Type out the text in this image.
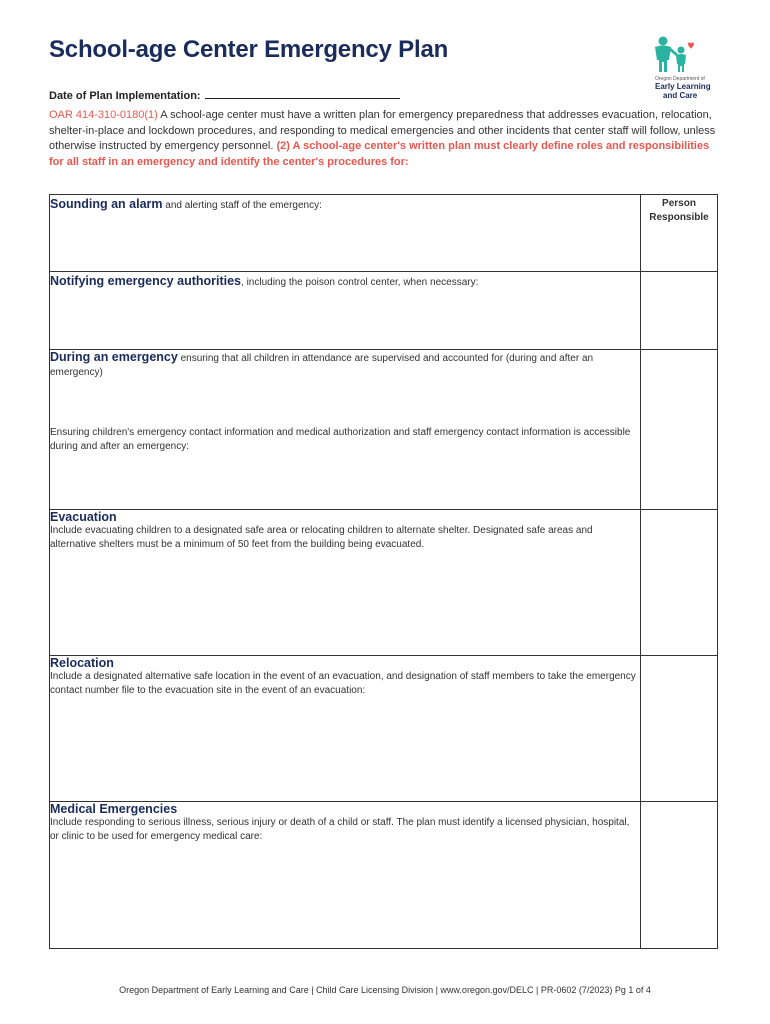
School-age Center Emergency Plan
Oregon Department of
Early Learning
and Care
Date of Plan Implementation:
OAR 414-310-0180(1) A school-age center must have a written plan for emergency preparedness that addresses evacuation, relocation, shelter-in-place and lockdown procedures, and responding to medical emergencies and other incidents that center staff will follow, unless otherwise instructed by emergency personnel. (2) A school-age center's written plan must clearly define roles and responsibilities for all staff in an emergency and identify the center's procedures for:
Sounding an alarm and alerting staff of the emergency:	Person Responsible

Notifying emergency authorities, including the poison control center, when necessary:	

During an emergency ensuring that all children in attendance are supervised and accounted for (during and after an emergency)
Ensuring children's emergency contact information and medical authorization and staff emergency contact information is accessible during and after an emergency:	

Evacuation
Include evacuating children to a designated safe area or relocating children to alternate shelter. Designated safe areas and alternative shelters must be a minimum of 50 feet from the building being evacuated.	

Relocation
Include a designated alternative safe location in the event of an evacuation, and designation of staff members to take the emergency contact number file to the evacuation site in the event of an evacuation:	

Medical Emergencies
Include responding to serious illness, serious injury or death of a child or staff. The plan must identify a licensed physician, hospital, or clinic to be used for emergency medical care:	

Oregon Department of Early Learning and Care | Child Care Licensing Division | www.oregon.gov/DELC | PR-0602 (7/2023) Pg 1 of 4
